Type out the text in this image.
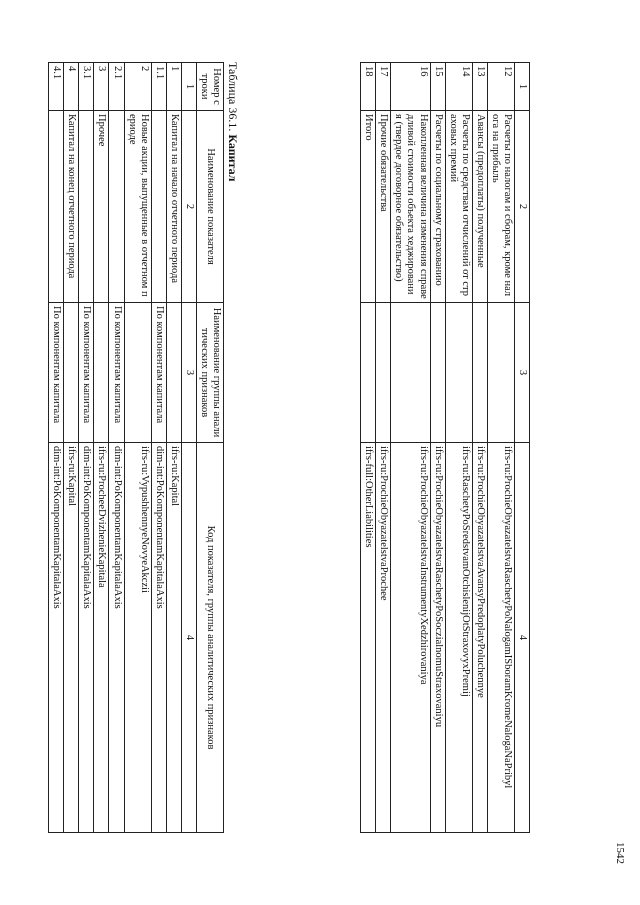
1542
1	2	3	4
12	Расчеты по налогам и сборам, кроме налога на прибыль		ifrs-ru:ProchieObyazatelstvaRaschetyPoNalogamISboramKromeNalogaNaPribyl
13	Авансы (предоплаты) полученные		ifrs-ru:ProchieObyazatelstvaAvansyPredoplatyPoluchennye
14	Расчеты по средствам отчислений от страховых премий		ifrs-ru:RaschetyPoSredstvamOtchislenijOtStraxovyxPremij
15	Расчеты по социальному страхованию		ifrs-ru:ProchieObyazatelstvaRaschetyPoSoczialnomuStraxovaniyu
16	Накопленная величина изменения справедливой стоимости объекта хеджирования (твердое договорное обязательство)		ifrs-ru:ProchieObyazatelstvaInstrumentyXedzhirovaniya
17	Прочие обязательства		ifrs-ru:ProchieObyazatelstvaProchee
18	Итого		ifrs-full:OtherLiabilities
Таблица 36.1. Капитал
Номер строки	Наименование показателя	Наименование группы аналитических признаков	Код показателя, группы аналитических признаков
1	2	3	4
1	Капитал на начало отчетного периода		ifrs-ru:Kapital
1.1		По компонентам капитала	dim-int:PoKomponentamKapitalaAxis
2	Новые акции, выпущенные в отчетном периоде		ifrs-ru:VypushhennyeNovyeAkczii
2.1		По компонентам капитала	dim-int:PoKomponentamKapitalaAxis
3	Прочее		ifrs-ru:ProcheeDvizhenieKapitala
3.1		По компонентам капитала	dim-int:PoKomponentamKapitalaAxis
4	Капитал на конец отчетного периода		ifrs-ru:Kapital
4.1		По компонентам капитала	dim-int:PoKomponentamKapitalaAxis
